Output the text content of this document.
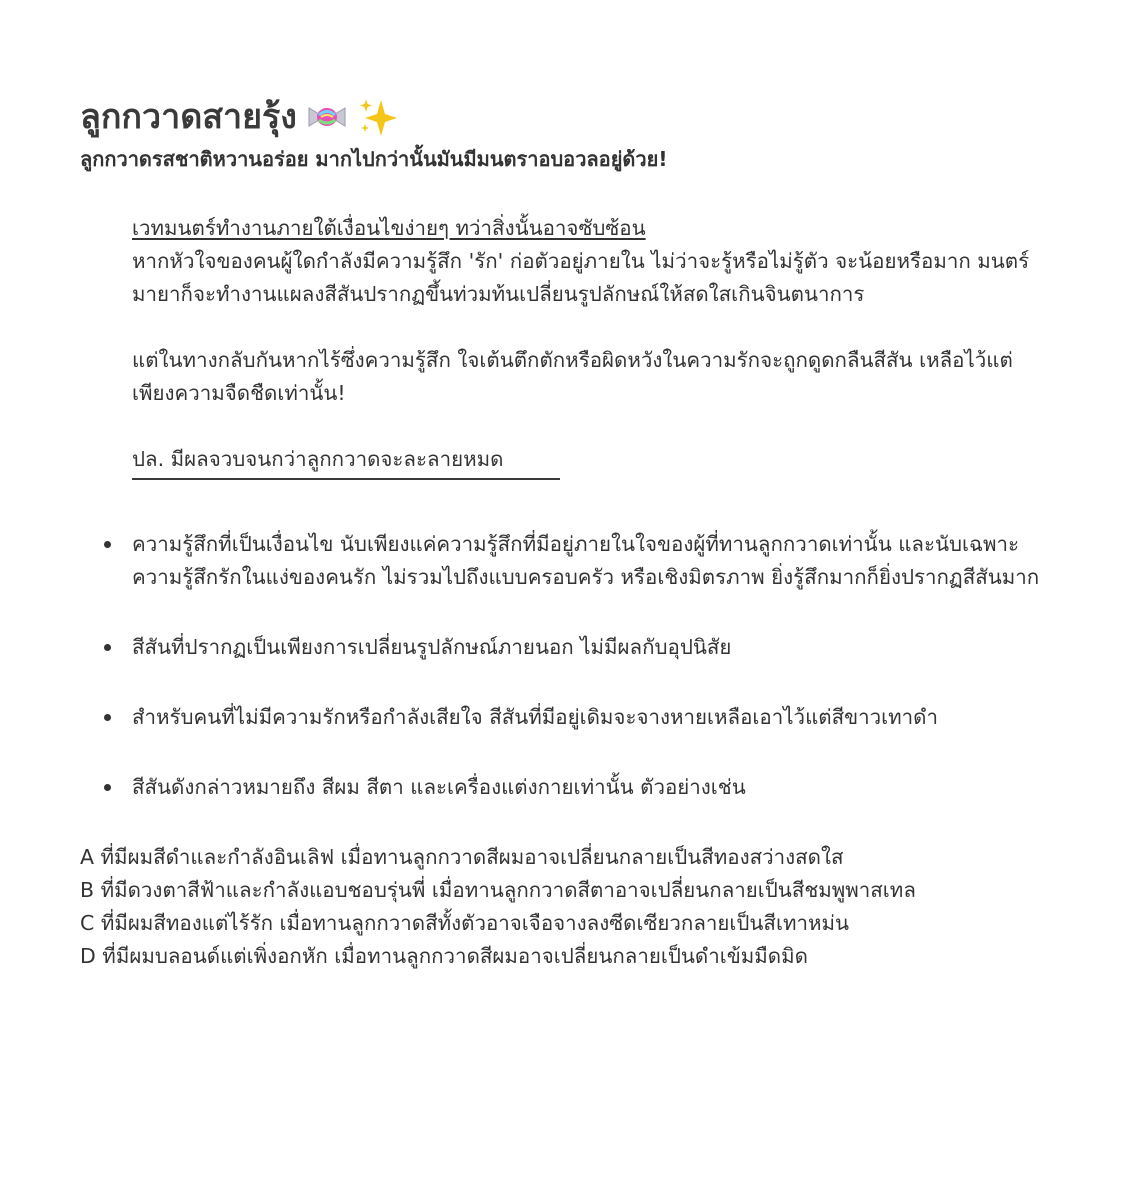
ลูกกวาดสายรุ้ง
ลูกกวาดรสชาติหวานอร่อย มากไปกว่านั้นมันมีมนตราอบอวลอยู่ด้วย!

เวทมนตร์ทำงานภายใต้เงื่อนไขง่ายๆ ทว่าสิ่งนั้นอาจซับซ้อน

หากหัวใจของคนผู้ใดกำลังมีความรู้สึก 'รัก' ก่อตัวอยู่ภายใน ไม่ว่าจะรู้หรือไม่รู้ตัว จะน้อยหรือมาก มนตร์มายาก็จะทำงานแผลงสีสันปรากฏขึ้นท่วมท้นเปลี่ยนรูปลักษณ์ให้สดใสเกินจินตนาการ

แต่ในทางกลับกันหากไร้ซึ่งความรู้สึก ใจเต้นตึกตักหรือผิดหวังในความรักจะถูกดูดกลืนสีสัน เหลือไว้แต่เพียงความจืดชืดเท่านั้น!

ปล. มีผลจวบจนกว่าลูกกวาดจะละลายหมด

ความรู้สึกที่เป็นเงื่อนไข นับเพียงแค่ความรู้สึกที่มีอยู่ภายในใจของผู้ที่ทานลูกกวาดเท่านั้น และนับเฉพาะความรู้สึกรักในแง่ของคนรัก ไม่รวมไปถึงแบบครอบครัว หรือเชิงมิตรภาพ ยิ่งรู้สึกมากก็ยิ่งปรากฏสีสันมาก
สีสันที่ปรากฏเป็นเพียงการเปลี่ยนรูปลักษณ์ภายนอก ไม่มีผลกับอุปนิสัย
สำหรับคนที่ไม่มีความรักหรือกำลังเสียใจ สีสันที่มีอยู่เดิมจะจางหายเหลือเอาไว้แต่สีขาวเทาดำ
สีสันดังกล่าวหมายถึง สีผม สีตา และเครื่องแต่งกายเท่านั้น ตัวอย่างเช่น
A ที่มีผมสีดำและกำลังอินเลิฟ เมื่อทานลูกกวาดสีผมอาจเปลี่ยนกลายเป็นสีทองสว่างสดใส
B ที่มีดวงตาสีฟ้าและกำลังแอบชอบรุ่นพี่ เมื่อทานลูกกวาดสีตาอาจเปลี่ยนกลายเป็นสีชมพูพาสเทล
C ที่มีผมสีทองแต่ไร้รัก เมื่อทานลูกกวาดสีทั้งตัวอาจเจือจางลงซีดเซียวกลายเป็นสีเทาหม่น
D ที่มีผมบลอนด์แต่เพิ่งอกหัก เมื่อทานลูกกวาดสีผมอาจเปลี่ยนกลายเป็นดำเข้มมืดมิด
